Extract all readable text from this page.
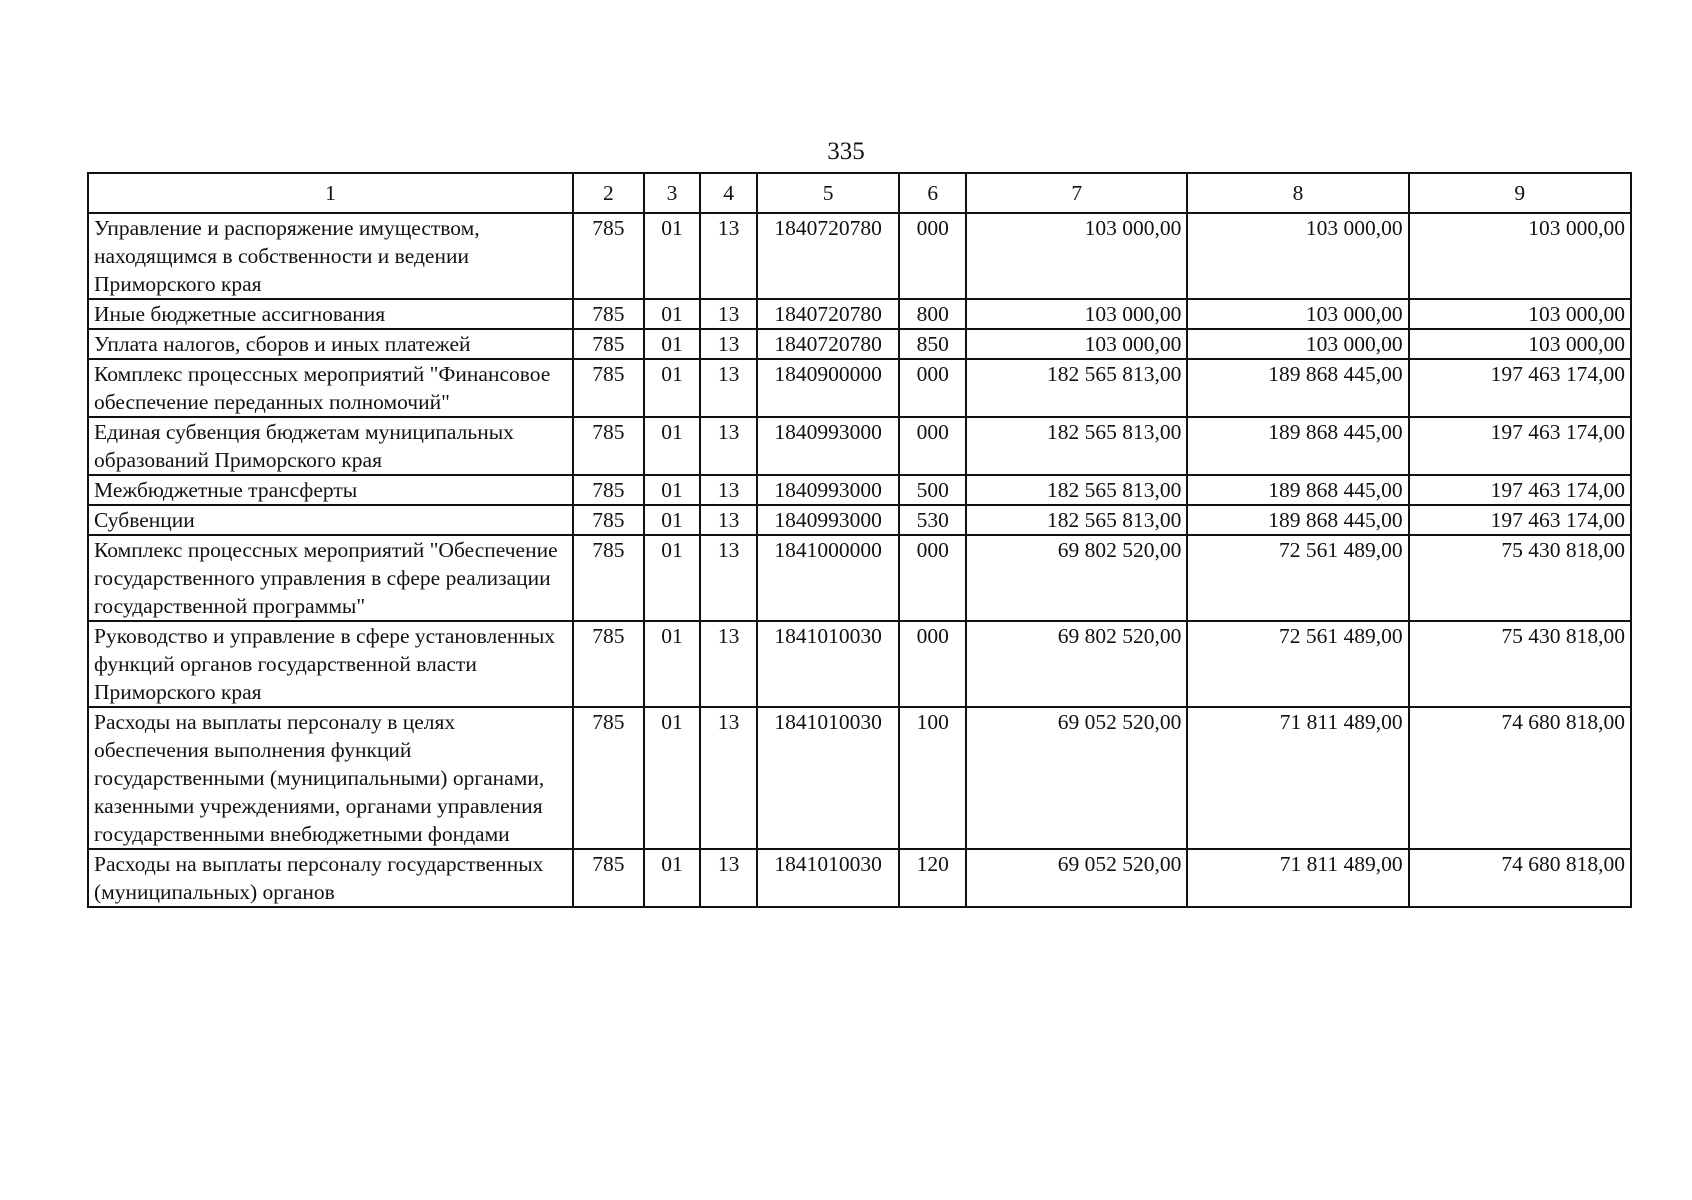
335
1	2	3	4	5	6	7	8	9
Управление и распоряжение имуществом, находящимся в собственности и ведении Приморского края	785	01	13	1840720780	000	103 000,00	103 000,00	103 000,00
Иные бюджетные ассигнования	785	01	13	1840720780	800	103 000,00	103 000,00	103 000,00
Уплата налогов, сборов и иных платежей	785	01	13	1840720780	850	103 000,00	103 000,00	103 000,00
Комплекс процессных мероприятий "Финансовое обеспечение переданных полномочий"	785	01	13	1840900000	000	182 565 813,00	189 868 445,00	197 463 174,00
Единая субвенция бюджетам муниципальных образований Приморского края	785	01	13	1840993000	000	182 565 813,00	189 868 445,00	197 463 174,00
Межбюджетные трансферты	785	01	13	1840993000	500	182 565 813,00	189 868 445,00	197 463 174,00
Субвенции	785	01	13	1840993000	530	182 565 813,00	189 868 445,00	197 463 174,00
Комплекс процессных мероприятий "Обеспечение государственного управления в сфере реализации государственной программы"	785	01	13	1841000000	000	69 802 520,00	72 561 489,00	75 430 818,00
Руководство и управление в сфере установленных функций органов государственной власти Приморского края	785	01	13	1841010030	000	69 802 520,00	72 561 489,00	75 430 818,00
Расходы на выплаты персоналу в целях обеспечения выполнения функций государственными (муниципальными) органами, казенными учреждениями, органами управления государственными внебюджетными фондами	785	01	13	1841010030	100	69 052 520,00	71 811 489,00	74 680 818,00
Расходы на выплаты персоналу государственных (муниципальных) органов	785	01	13	1841010030	120	69 052 520,00	71 811 489,00	74 680 818,00
